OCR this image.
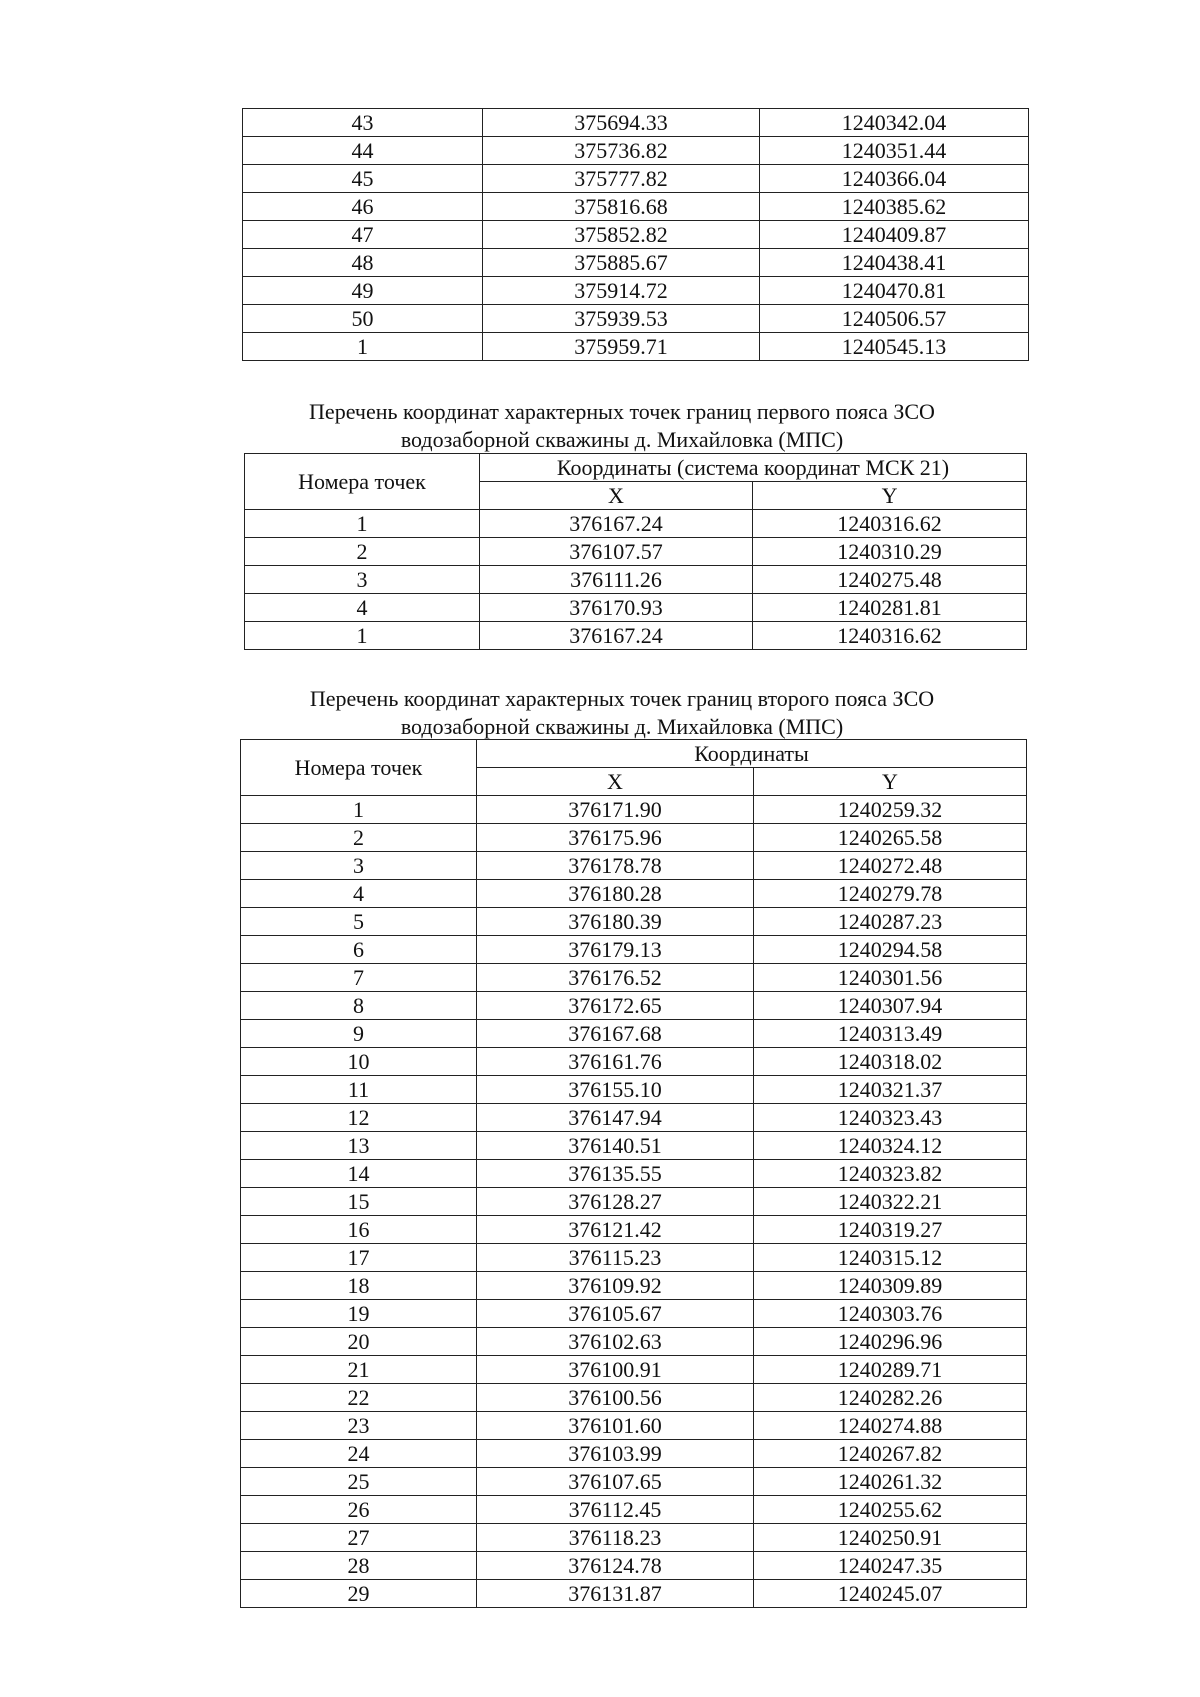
43	375694.33	1240342.04
44	375736.82	1240351.44
45	375777.82	1240366.04
46	375816.68	1240385.62
47	375852.82	1240409.87
48	375885.67	1240438.41
49	375914.72	1240470.81
50	375939.53	1240506.57
1	375959.71	1240545.13
Перечень координат характерных точек границ первого пояса ЗСО
водозаборной скважины д. Михайловка (МПС)
Номера точек	Координаты (система координат МСК 21)	
	X	Y
1	376167.24	1240316.62
2	376107.57	1240310.29
3	376111.26	1240275.48
4	376170.93	1240281.81
1	376167.24	1240316.62
Перечень координат характерных точек границ второго пояса ЗСО
водозаборной скважины д. Михайловка (МПС)
Номера точек	Координаты	
	X	Y
1	376171.90	1240259.32
2	376175.96	1240265.58
3	376178.78	1240272.48
4	376180.28	1240279.78
5	376180.39	1240287.23
6	376179.13	1240294.58
7	376176.52	1240301.56
8	376172.65	1240307.94
9	376167.68	1240313.49
10	376161.76	1240318.02
11	376155.10	1240321.37
12	376147.94	1240323.43
13	376140.51	1240324.12
14	376135.55	1240323.82
15	376128.27	1240322.21
16	376121.42	1240319.27
17	376115.23	1240315.12
18	376109.92	1240309.89
19	376105.67	1240303.76
20	376102.63	1240296.96
21	376100.91	1240289.71
22	376100.56	1240282.26
23	376101.60	1240274.88
24	376103.99	1240267.82
25	376107.65	1240261.32
26	376112.45	1240255.62
27	376118.23	1240250.91
28	376124.78	1240247.35
29	376131.87	1240245.07
